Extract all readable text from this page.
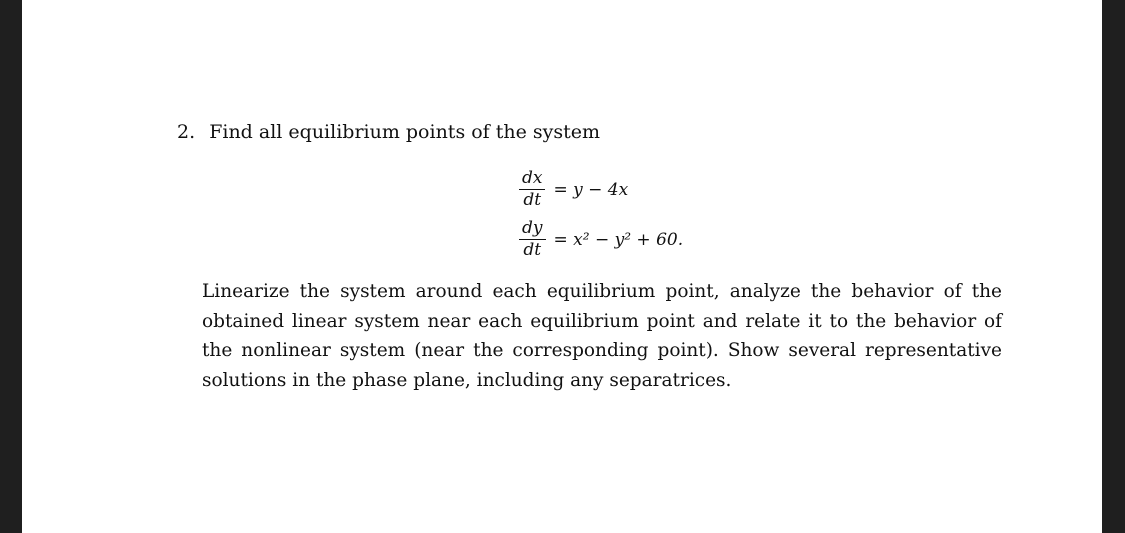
2. Find all equilibrium points of the system
$\frac{dx}{dt} = y - 4x$
$\frac{dy}{dt} = x^2 - y^2 + 60$.
Linearize the system around each equilibrium point, analyze the behavior of the obtained linear system near each equilibrium point and relate it to the behavior of the nonlinear system (near the corresponding point). Show several representative solutions in the phase plane, including any separatrices.
